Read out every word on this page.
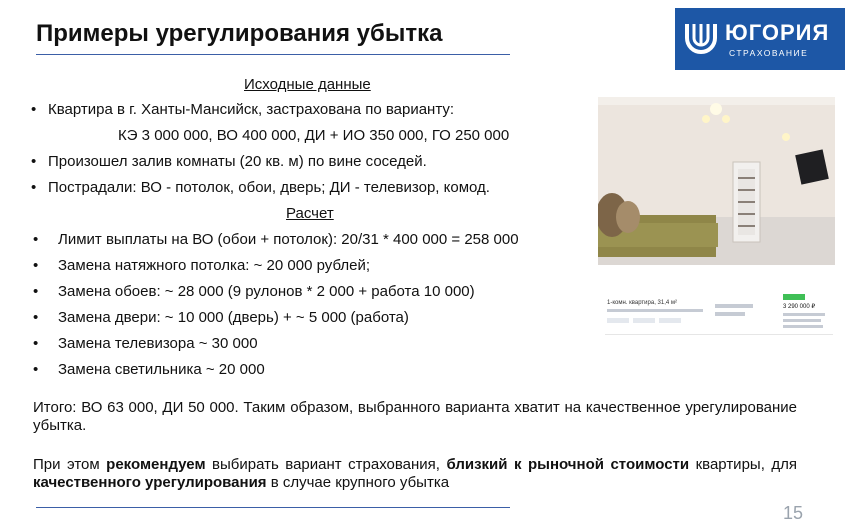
Примеры урегулирования убытка	ЮГОРИЯ
СТРАХОВАНИЕ
Исходные данные
• Квартира в г. Ханты-Мансийск, застрахована по варианту:
КЭ 3 000 000, ВО 400 000, ДИ + ИО 350 000, ГО 250 000
• Произошел залив комнаты (20 кв. м) по вине соседей.
• Пострадали: ВО - потолок, обои, дверь; ДИ - телевизор, комод.
Расчет
• Лимит выплаты на ВО (обои + потолок): 20/31 * 400 000 = 258 000
• Замена натяжного потолка: ~ 20 000 рублей;
• Замена обоев: ~ 28 000 (9 рулонов * 2 000 + работа 10 000)
• Замена двери: ~ 10 000 (дверь) + ~ 5 000 (работа)
• Замена телевизора ~ 30 000
• Замена светильника ~ 20 000
Итого: ВО 63 000, ДИ 50 000. Таким образом, выбранного варианта хватит на качественное урегулирование убытка.
При этом рекомендуем выбирать вариант страхования, близкий к рыночной стоимости квартиры, для качественного урегулирования в случае крупного убытка
1-комн. квартира, 31,4 м²
3 290 000 ₽
15
